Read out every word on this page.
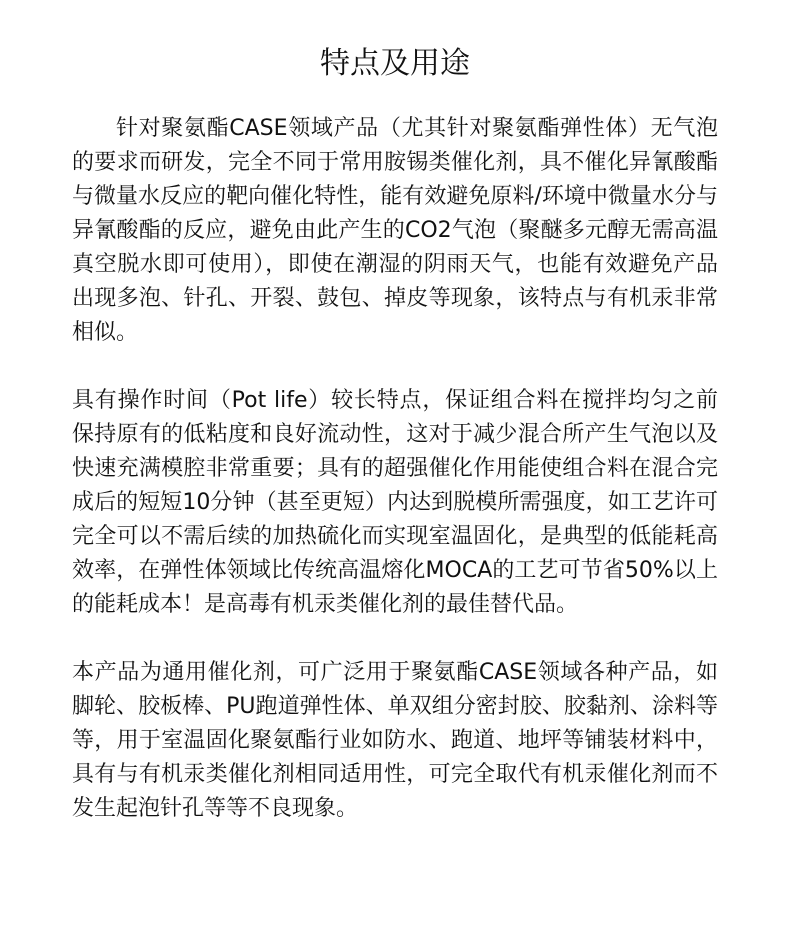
特点及用途

针对聚氨酯CASE领域产品（尤其针对聚氨酯弹性体）无气泡的要求而研发，完全不同于常用胺锡类催化剂，具不催化异氰酸酯与微量水反应的靶向催化特性，能有效避免原料/环境中微量水分与异氰酸酯的反应，避免由此产生的CO2气泡（聚醚多元醇无需高温真空脱水即可使用），即使在潮湿的阴雨天气，也能有效避免产品出现多泡、针孔、开裂、鼓包、掉皮等现象，该特点与有机汞非常相似。

具有操作时间（Pot life）较长特点，保证组合料在搅拌均匀之前保持原有的低粘度和良好流动性，这对于减少混合所产生气泡以及快速充满模腔非常重要；具有的超强催化作用能使组合料在混合完成后的短短10分钟（甚至更短）内达到脱模所需强度，如工艺许可完全可以不需后续的加热硫化而实现室温固化，是典型的低能耗高效率，在弹性体领域比传统高温熔化MOCA的工艺可节省50%以上的能耗成本！是高毒有机汞类催化剂的最佳替代品。

本产品为通用催化剂，可广泛用于聚氨酯CASE领域各种产品，如脚轮、胶板棒、PU跑道弹性体、单双组分密封胶、胶黏剂、涂料等等，用于室温固化聚氨酯行业如防水、跑道、地坪等铺装材料中，具有与有机汞类催化剂相同适用性，可完全取代有机汞催化剂而不发生起泡针孔等等不良现象。
